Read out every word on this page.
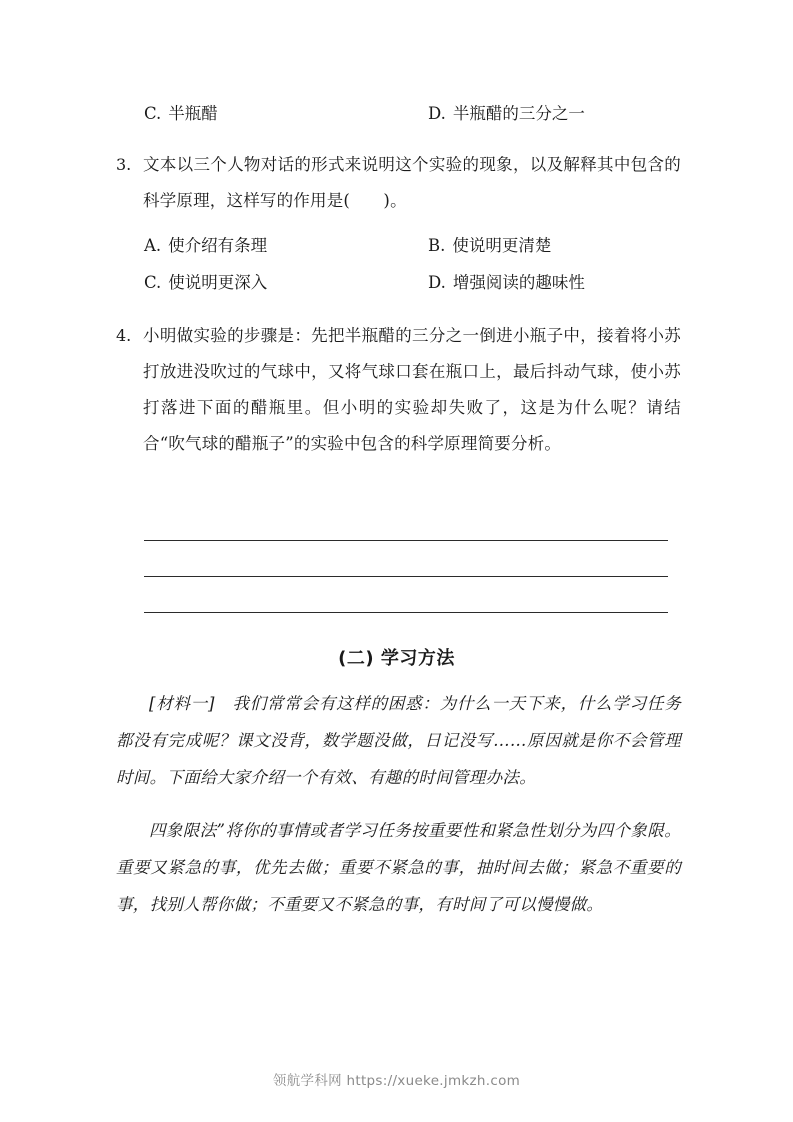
C. 半瓶醋	D. 半瓶醋的三分之一
3. 文本以三个人物对话的形式来说明这个实验的现象，以及解释其中包含的科学原理，这样写的作用是(　　)。
A. 使介绍有条理	B. 使说明更清楚
C. 使说明更深入	D. 增强阅读的趣味性
4. 小明做实验的步骤是：先把半瓶醋的三分之一倒进小瓶子中，接着将小苏打放进没吹过的气球中，又将气球口套在瓶口上，最后抖动气球，使小苏打落进下面的醋瓶里。但小明的实验却失败了，这是为什么呢？请结合“吹气球的醋瓶子”的实验中包含的科学原理简要分析。
(二) 学习方法
[材料一]　我们常常会有这样的困惑：为什么一天下来，什么学习任务都没有完成呢？课文没背，数学题没做，日记没写……原因就是你不会管理时间。下面给大家介绍一个有效、有趣的时间管理办法。
四象限法”将你的事情或者学习任务按重要性和紧急性划分为四个象限。重要又紧急的事，优先去做；重要不紧急的事，抽时间去做；紧急不重要的事，找别人帮你做；不重要又不紧急的事，有时间了可以慢慢做。
领航学科网 https://xueke.jmkzh.com
